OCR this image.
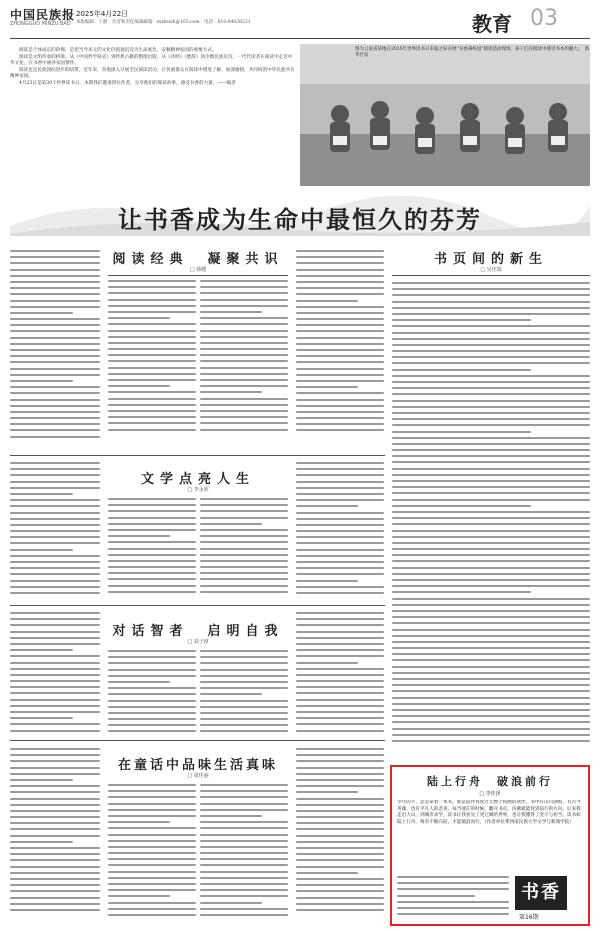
中国民族报
ZHONGGUO MINZU BAO
2025年4月22日
本版编辑：宁静　作者和责任编辑邮箱：mzbswh@163.com　电话：010-84038221	教育 03

阅读是个体成长的阶梯，是把当今多元的文化价值观沉淀为生命底色、安顿精神家园的重要方式。

阅读是文明传承的桥梁。从《中国哲学简史》到经典古籍的整理出版，从《诗经》《楚辞》到少数民族史诗，一代代读者在阅读中走近中华文化，在书香中涵养家国情怀。

阅读也是民族团结进步的纽带。近年来，各地深入开展全民阅读活动，让各族群众在阅读中增进了解、加深感情，共同构筑中华民族共有精神家园。

4月23日是第30个世界读书日。本期我们邀请四位作者，分享他们的阅读故事，感受书香的力量。——编者

图为云南省某地在2025年世界读书日来临之际开展“书香满校园”阅读活动现场，孩子们在阅读中感受书本的魅力。　新华社发
让书香成为生命中最恒久的芬芳
阅读经典　凝聚共识
□ 韩健
书页间的新生
□ 吴佳瑞
文学点亮人生
□ 李永欣
对话智者　启明自我
□ 刘子淳
在童话中品味生活真味
□ 周佳丽	陆上行舟　破浪前行
□ 李佳泽
少年的手，总是拿着一本书，那是陪伴我度过无数个夜晚的伙伴。书中有山川湖海，有古今英雄，也有平凡人的悲喜。每当迷茫的时候，翻开书页，仿佛就能找到前行的方向。后来我走出大山，到城市求学，读书让我看见了更辽阔的世界，也让我懂得了坚守与担当。读书如陆上行舟，唯有不断向前，才能破浪而行。（作者单位系西南民族大学文学与新闻学院）
书香
第16期
